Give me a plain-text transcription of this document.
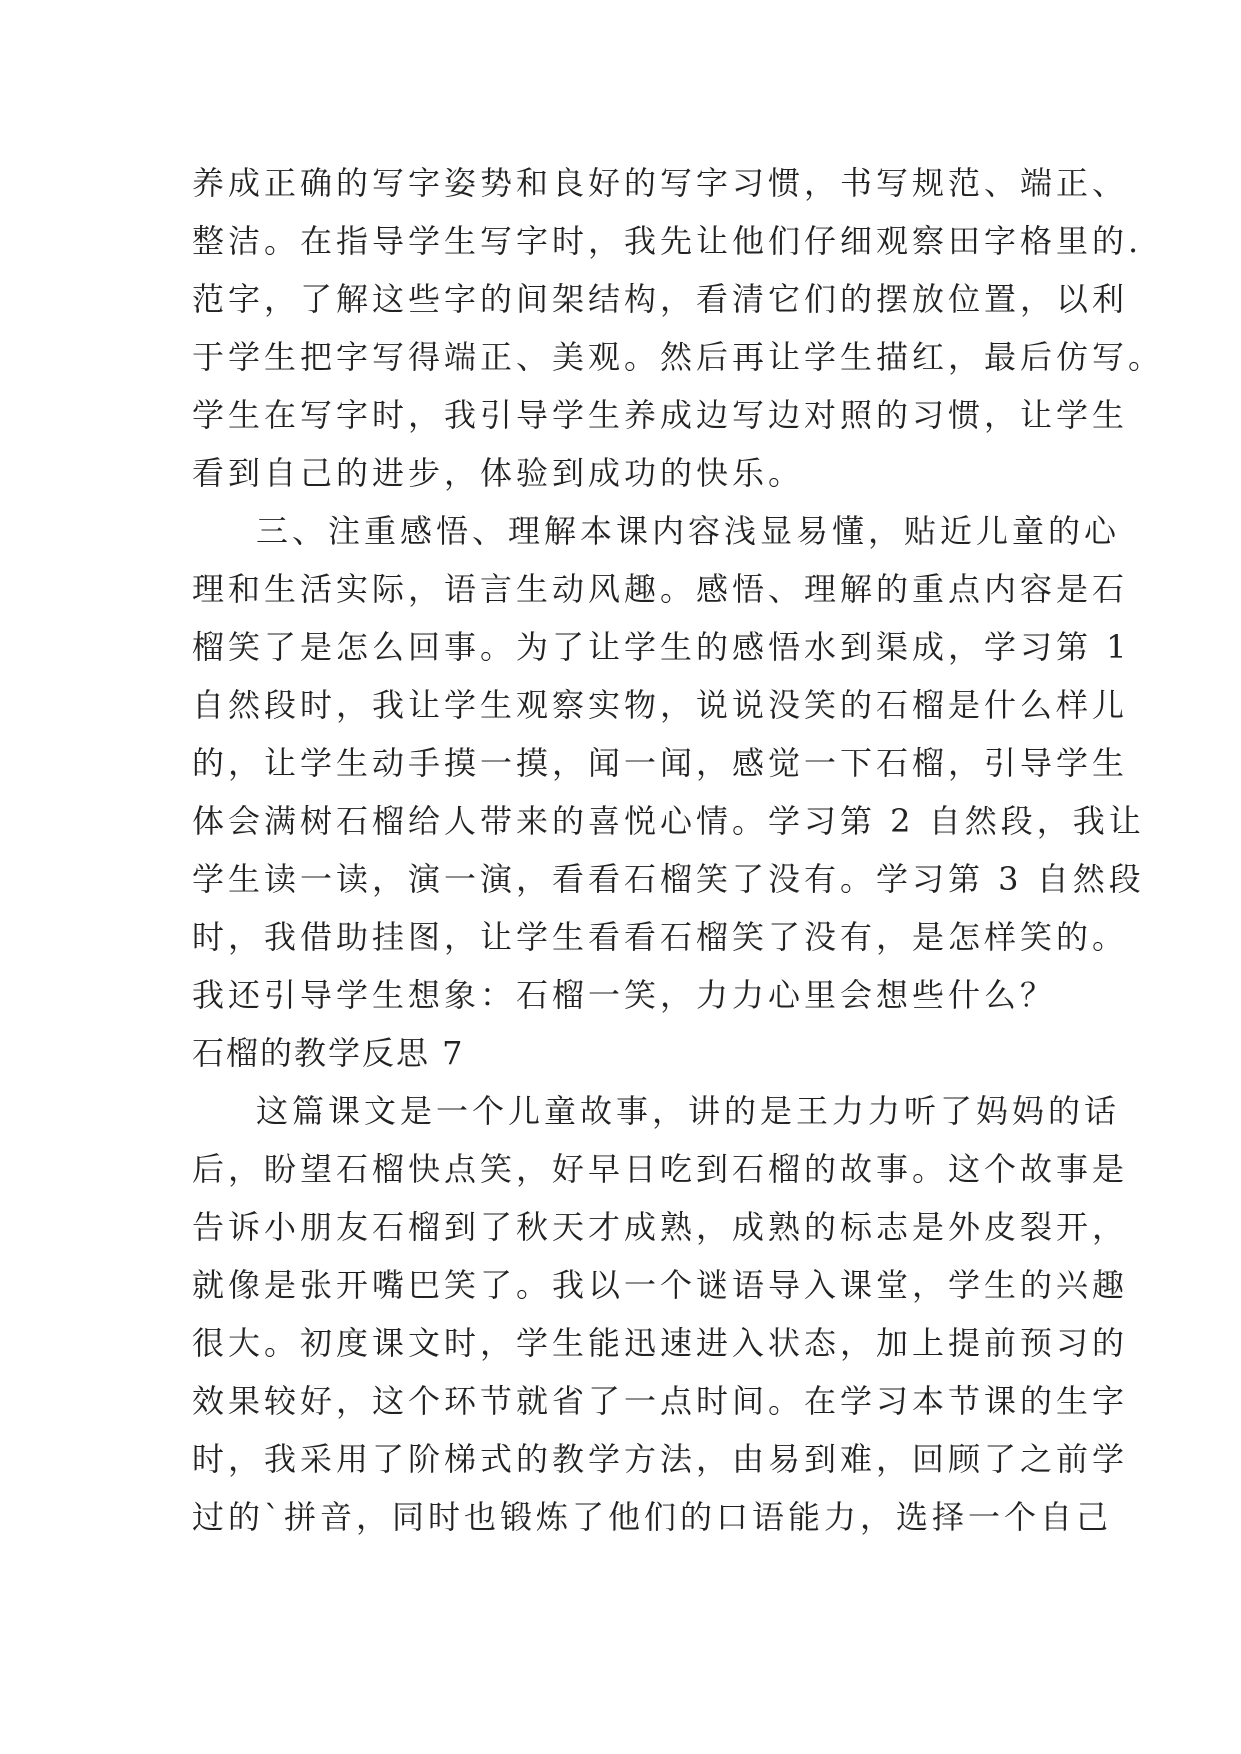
养成正确的写字姿势和良好的写字习惯，书写规范、端正、
整洁。在指导学生写字时，我先让他们仔细观察田字格里的.
范字，了解这些字的间架结构，看清它们的摆放位置，以利
于学生把字写得端正、美观。然后再让学生描红，最后仿写。
学生在写字时，我引导学生养成边写边对照的习惯，让学生
看到自己的进步，体验到成功的快乐。
三、注重感悟、理解本课内容浅显易懂，贴近儿童的心
理和生活实际，语言生动风趣。感悟、理解的重点内容是石
榴笑了是怎么回事。为了让学生的感悟水到渠成，学习第 1
自然段时，我让学生观察实物，说说没笑的石榴是什么样儿
的，让学生动手摸一摸，闻一闻，感觉一下石榴，引导学生
体会满树石榴给人带来的喜悦心情。学习第 2 自然段，我让
学生读一读，演一演，看看石榴笑了没有。学习第 3 自然段
时，我借助挂图，让学生看看石榴笑了没有，是怎样笑的。
我还引导学生想象：石榴一笑，力力心里会想些什么？
石榴的教学反思 7
这篇课文是一个儿童故事，讲的是王力力听了妈妈的话
后，盼望石榴快点笑，好早日吃到石榴的故事。这个故事是
告诉小朋友石榴到了秋天才成熟，成熟的标志是外皮裂开，
就像是张开嘴巴笑了。我以一个谜语导入课堂，学生的兴趣
很大。初度课文时，学生能迅速进入状态，加上提前预习的
效果较好，这个环节就省了一点时间。在学习本节课的生字
时，我采用了阶梯式的教学方法，由易到难，回顾了之前学
过的`拼音，同时也锻炼了他们的口语能力，选择一个自己
